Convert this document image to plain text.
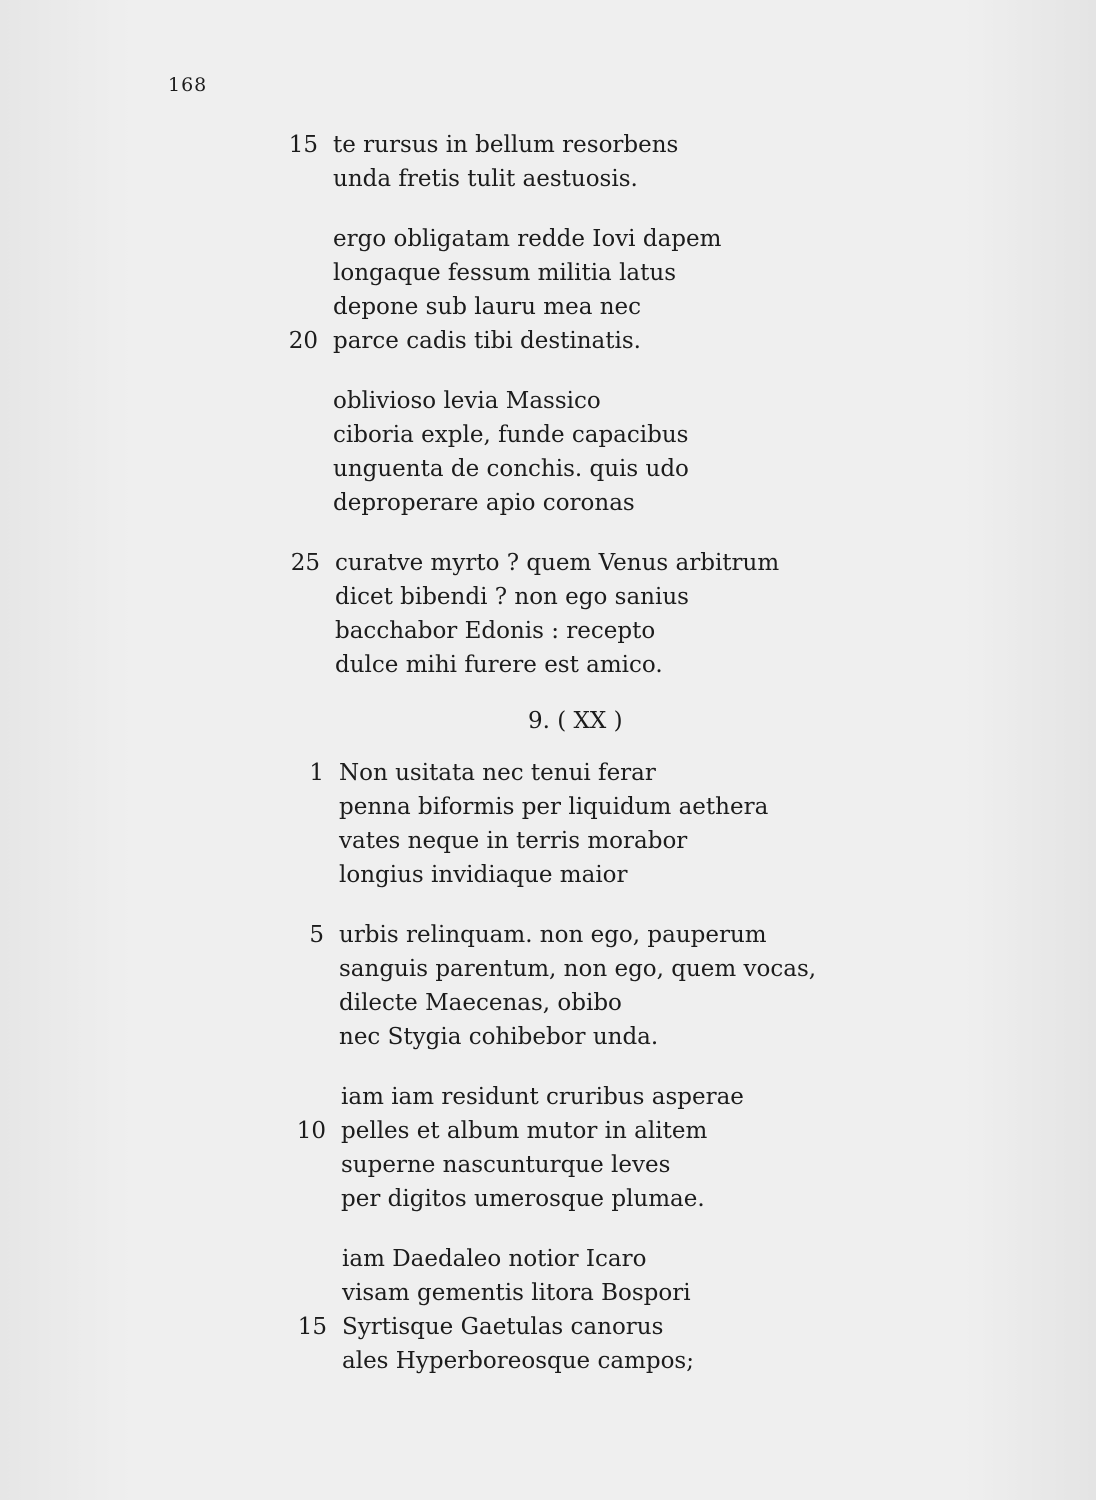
168
15 te rursus in bellum resorbens
unda fretis tulit aestuosis.
ergo obligatam redde Iovi dapem
longaque fessum militia latus
depone sub lauru mea nec
20 parce cadis tibi destinatis.
oblivioso levia Massico
ciboria exple, funde capacibus
unguenta de conchis. quis udo
deproperare apio coronas
25 curatve myrto ? quem Venus arbitrum
dicet bibendi ? non ego sanius
bacchabor Edonis : recepto
dulce mihi furere est amico.
9. ( XX )
1 Non usitata nec tenui ferar
penna biformis per liquidum aethera
vates neque in terris morabor
longius invidiaque maior
5 urbis relinquam. non ego, pauperum
sanguis parentum, non ego, quem vocas,
dilecte Maecenas, obibo
nec Stygia cohibebor unda.
iam iam residunt cruribus asperae
10 pelles et album mutor in alitem
superne nascunturque leves
per digitos umerosque plumae.
iam Daedaleo notior Icaro
visam gementis litora Bospori
15 Syrtisque Gaetulas canorus
ales Hyperboreosque campos;
